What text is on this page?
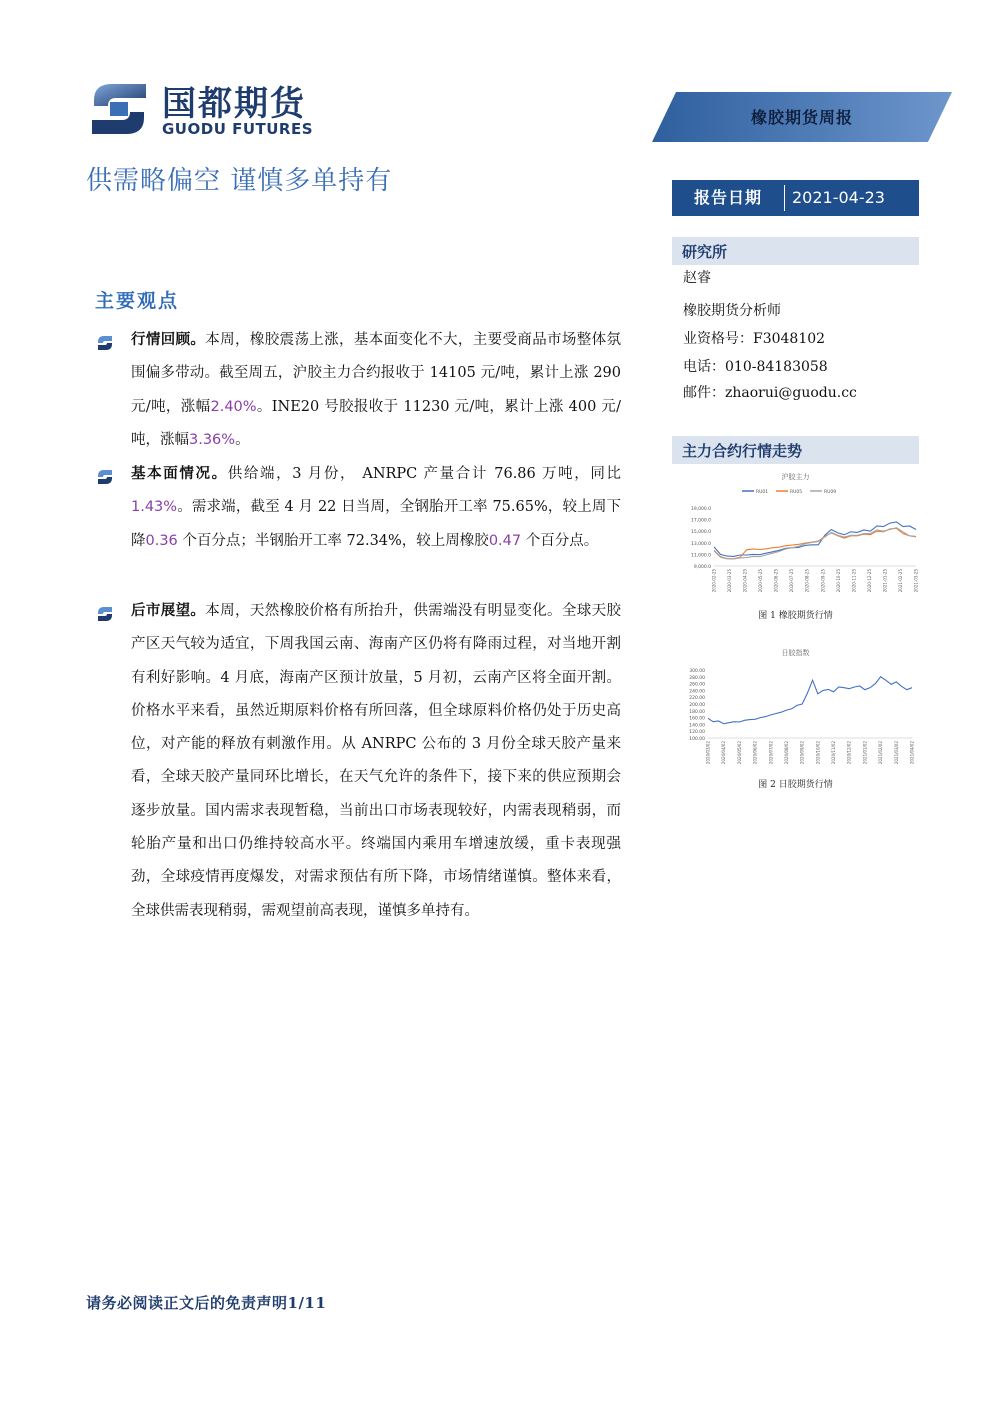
国都期货
GUODU FUTURES
橡胶期货周报
供需略偏空 谨慎多单持有
报告日期	2021-04-23
研究所
赵睿
橡胶期货分析师
业资格号：F3048102
电话：010-84183058
邮件：zhaorui@guodu.cc
主力合约行情走势
沪胶主力
19,000.0
17,000.0
15,000.0
13,000.0
11,000.0
9,000.0
2020-02-25	2020-03-25	2020-04-25	2020-05-25	2020-06-25	2020-07-25	2020-08-25	2020-09-25	2020-10-25	2020-11-25	2020-12-25	2021-01-25	2021-02-25	2021-03-25
RU01	RU05	RU09
图 1 橡胶期货行情
日胶指数
300.00
280.00
260.00
240.00
220.00
200.00
180.00
160.00
140.00
120.00
100.00
2020/03/02	2020/04/02	2020/05/02	2020/06/02	2020/07/02	2020/08/02	2020/09/02	2020/10/02	2020/11/02	2020/12/02	2021/01/02	2021/02/02	2021/03/02	2021/04/02
图 2 日胶期货行情
主要观点
行情回顾。本周，橡胶震荡上涨，基本面变化不大，主要受商品市场整体氛围偏多带动。截至周五，沪胶主力合约报收于 14105 元/吨，累计上涨 290 元/吨，涨幅2.40%。INE20 号胶报收于 11230 元/吨，累计上涨 400 元/吨，涨幅3.36%。
基本面情况。供给端，3 月份， ANRPC 产量合计 76.86 万吨，同比1.43%。需求端，截至 4 月 22 日当周，全钢胎开工率 75.65%，较上周下降0.36 个百分点；半钢胎开工率 72.34%，较上周橡胶0.47 个百分点。
后市展望。本周，天然橡胶价格有所抬升，供需端没有明显变化。全球天胶产区天气较为适宜，下周我国云南、海南产区仍将有降雨过程，对当地开割有利好影响。4 月底，海南产区预计放量，5 月初，云南产区将全面开割。价格水平来看，虽然近期原料价格有所回落，但全球原料价格仍处于历史高位，对产能的释放有刺激作用。从 ANRPC 公布的 3 月份全球天胶产量来看，全球天胶产量同环比增长，在天气允许的条件下，接下来的供应预期会逐步放量。国内需求表现暂稳，当前出口市场表现较好，内需表现稍弱，而轮胎产量和出口仍维持较高水平。终端国内乘用车增速放缓，重卡表现强劲，全球疫情再度爆发，对需求预估有所下降，市场情绪谨慎。整体来看，全球供需表现稍弱，需观望前高表现，谨慎多单持有。
请务必阅读正文后的免责声明1/11
